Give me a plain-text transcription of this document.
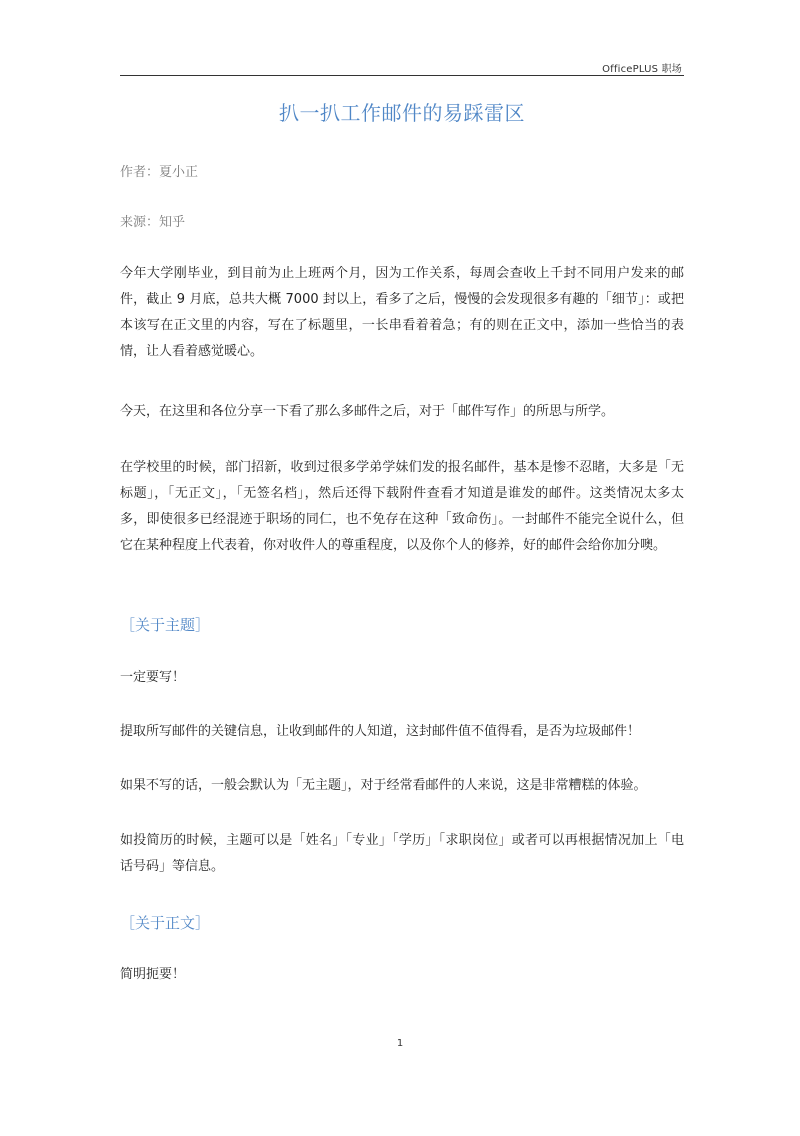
OfficePLUS 职场
扒一扒工作邮件的易踩雷区
作者：夏小正
来源：知乎

今年大学刚毕业，到目前为止上班两个月，因为工作关系，每周会查收上千封不同用户发来的邮件，截止 9 月底，总共大概 7000 封以上，看多了之后，慢慢的会发现很多有趣的「细节」：或把本该写在正文里的内容，写在了标题里，一长串看着着急；有的则在正文中，添加一些恰当的表情，让人看着感觉暖心。

今天，在这里和各位分享一下看了那么多邮件之后，对于「邮件写作」的所思与所学。

在学校里的时候，部门招新，收到过很多学弟学妹们发的报名邮件，基本是惨不忍睹，大多是「无标题」，「无正文」，「无签名档」，然后还得下载附件查看才知道是谁发的邮件。这类情况太多太多，即使很多已经混迹于职场的同仁，也不免存在这种「致命伤」。一封邮件不能完全说什么，但它在某种程度上代表着，你对收件人的尊重程度，以及你个人的修养，好的邮件会给你加分噢。

［关于主题］

一定要写！

提取所写邮件的关键信息，让收到邮件的人知道，这封邮件值不值得看，是否为垃圾邮件！

如果不写的话，一般会默认为「无主题」，对于经常看邮件的人来说，这是非常糟糕的体验。

如投简历的时候，主题可以是「姓名」「专业」「学历」「求职岗位」或者可以再根据情况加上「电话号码」等信息。

［关于正文］

简明扼要！

1
